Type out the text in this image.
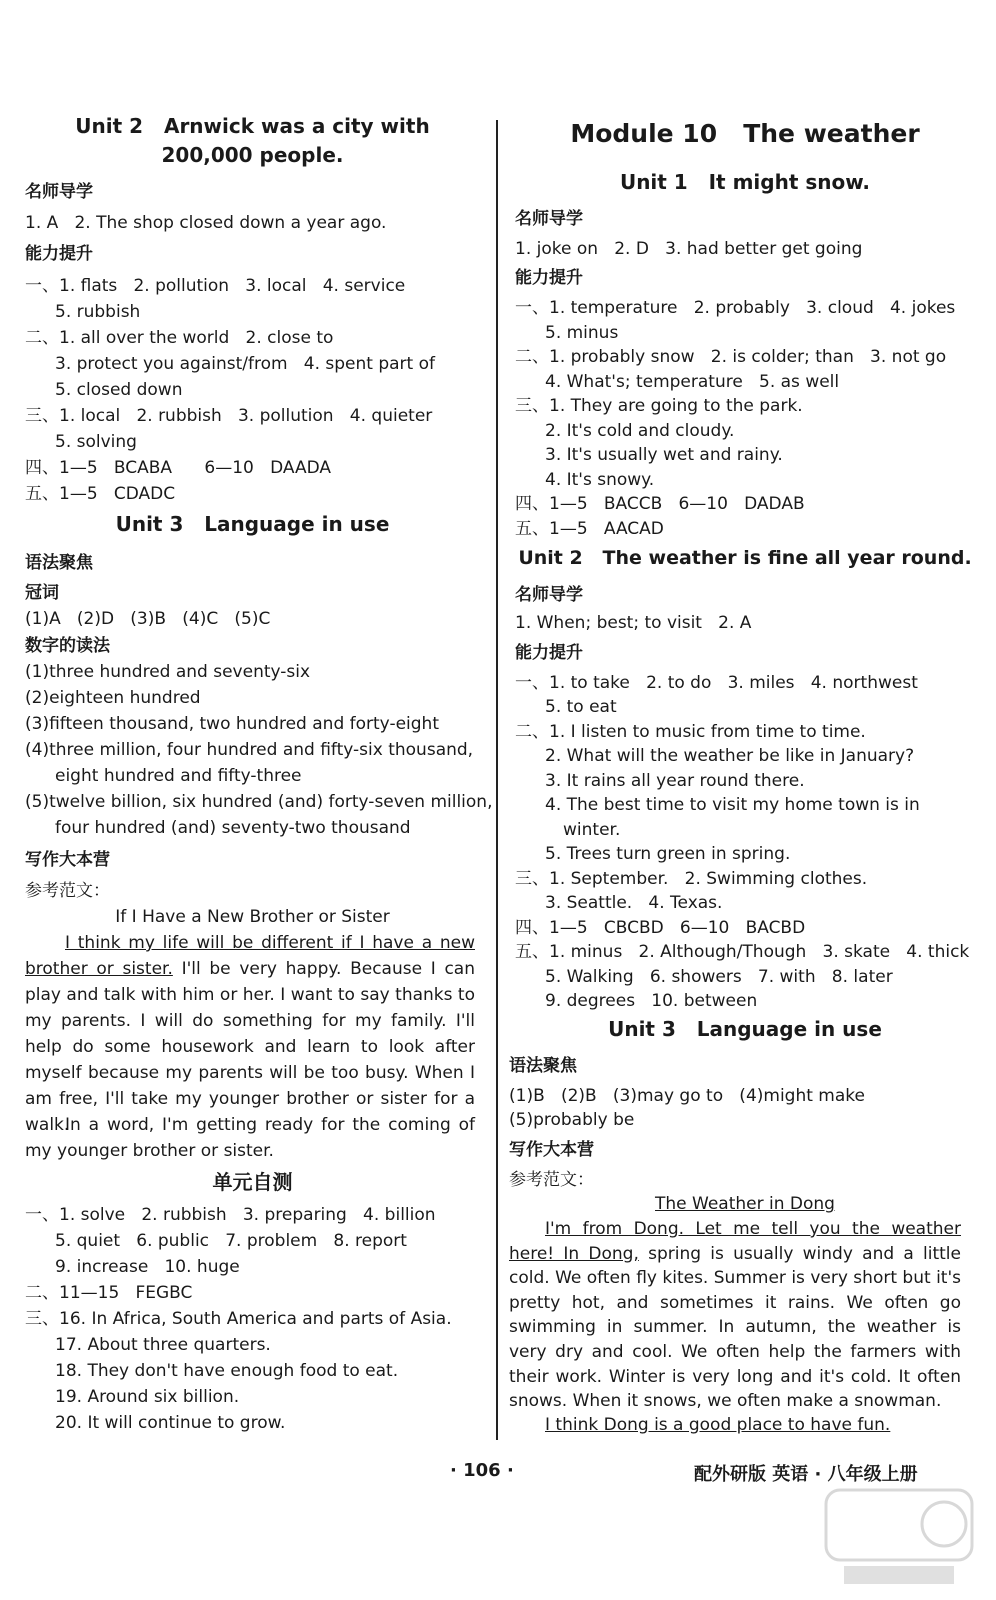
Unit 2   Arnwick was a city with
200,000 people.
名师导学
1. A   2. The shop closed down a year ago.
能力提升
一、1. flats   2. pollution   3. local   4. service
5. rubbish
二、1. all over the world   2. close to
3. protect you against/from   4. spent part of
5. closed down
三、1. local   2. rubbish   3. pollution   4. quieter
5. solving
四、1—5   BCABA      6—10   DAADA
五、1—5   CDADC
Unit 3   Language in use
语法聚焦
冠词
(1)A   (2)D   (3)B   (4)C   (5)C
数字的读法
(1)three hundred and seventy-six
(2)eighteen hundred
(3)fifteen thousand, two hundred and forty-eight
(4)three million, four hundred and fifty-six thousand,
eight hundred and fifty-three
(5)twelve billion, six hundred (and) forty-seven million,
four hundred (and) seventy-two thousand
写作大本营
参考范文：
If I Have a New Brother or Sister
I think my life will be different if I have a new brother or sister. I'll be very happy. Because I can play and talk with him or her. I want to say thanks to my parents. I will do something for my family. I'll help do some housework and learn to look after myself because my parents will be too busy. When I am free, I'll take my younger brother or sister for a walk.
In a word, I'm getting ready for the coming of my younger brother or sister.
单元自测
一、1. solve   2. rubbish   3. preparing   4. billion
5. quiet   6. public   7. problem   8. report
9. increase   10. huge
二、11—15   FEGBC
三、16. In Africa, South America and parts of Asia.
17. About three quarters.
18. They don't have enough food to eat.
19. Around six billion.
20. It will continue to grow.
Module 10   The weather
Unit 1   It might snow.
名师导学
1. joke on   2. D   3. had better get going
能力提升
一、1. temperature   2. probably   3. cloud   4. jokes
5. minus
二、1. probably snow   2. is colder; than   3. not go
4. What's; temperature   5. as well
三、1. They are going to the park.
2. It's cold and cloudy.
3. It's usually wet and rainy.
4. It's snowy.
四、1—5   BACCB   6—10   DADAB
五、1—5   AACAD
Unit 2   The weather is fine all year round.
名师导学
1. When; best; to visit   2. A
能力提升
一、1. to take   2. to do   3. miles   4. northwest
5. to eat
二、1. I listen to music from time to time.
2. What will the weather be like in January?
3. It rains all year round there.
4. The best time to visit my home town is in
winter.
5. Trees turn green in spring.
三、1. September.   2. Swimming clothes.
3. Seattle.   4. Texas.
四、1—5   CBCBD   6—10   BACBD
五、1. minus   2. Although/Though   3. skate   4. thick
5. Walking   6. showers   7. with   8. later
9. degrees   10. between
Unit 3   Language in use
语法聚焦
(1)B   (2)B   (3)may go to   (4)might make
(5)probably be
写作大本营
参考范文：
The Weather in Dong
I'm from Dong. Let me tell you the weather here! In Dong, spring is usually windy and a little cold. We often fly kites. Summer is very short but it's pretty hot, and sometimes it rains. We often go swimming in summer. In autumn, the weather is very dry and cool. We often help the farmers with their work. Winter is very long and it's cold. It often snows. When it snows, we often make a snowman.
I think Dong is a good place to have fun.
· 106 ·	配外研版 英语 · 八年级上册
